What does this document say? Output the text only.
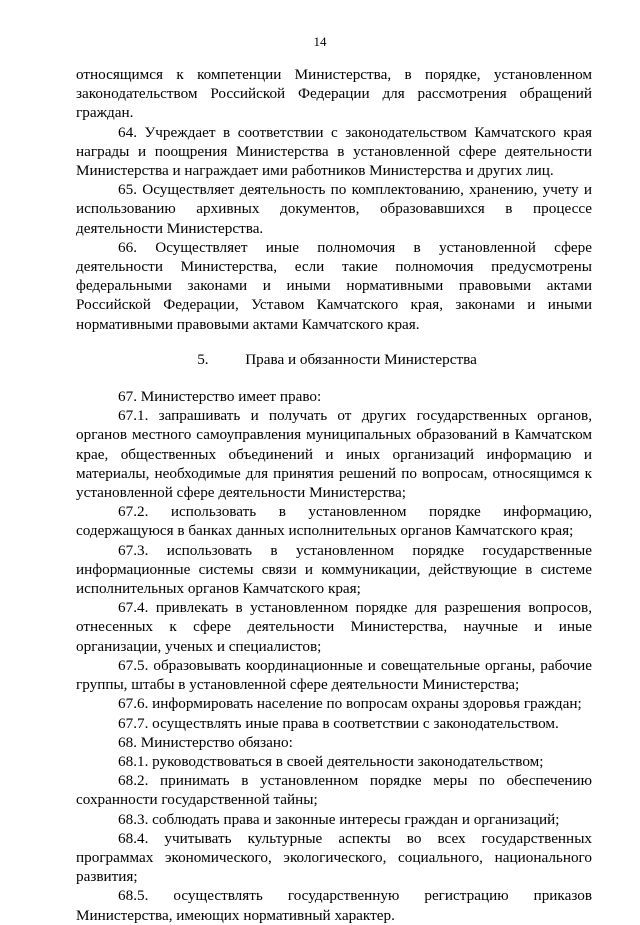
14

относящимся к компетенции Министерства, в порядке, установленном законодательством Российской Федерации для рассмотрения обращений граждан.

64. Учреждает в соответствии с законодательством Камчатского края награды и поощрения Министерства в установленной сфере деятельности Министерства и награждает ими работников Министерства и других лиц.

65. Осуществляет деятельность по комплектованию, хранению, учету и использованию архивных документов, образовавшихся в процессе деятельности Министерства.

66. Осуществляет иные полномочия в установленной сфере деятельности Министерства, если такие полномочия предусмотрены федеральными законами и иными нормативными правовыми актами Российской Федерации, Уставом Камчатского края, законами и иными нормативными правовыми актами Камчатского края.

5. Права и обязанности Министерства

67. Министерство имеет право:

67.1. запрашивать и получать от других государственных органов, органов местного самоуправления муниципальных образований в Камчатском крае, общественных объединений и иных организаций информацию и материалы, необходимые для принятия решений по вопросам, относящимся к установленной сфере деятельности Министерства;

67.2. использовать в установленном порядке информацию, содержащуюся в банках данных исполнительных органов Камчатского края;

67.3. использовать в установленном порядке государственные информационные системы связи и коммуникации, действующие в системе исполнительных органов Камчатского края;

67.4. привлекать в установленном порядке для разрешения вопросов, отнесенных к сфере деятельности Министерства, научные и иные организации, ученых и специалистов;

67.5. образовывать координационные и совещательные органы, рабочие группы, штабы в установленной сфере деятельности Министерства;

67.6. информировать население по вопросам охраны здоровья граждан;

67.7. осуществлять иные права в соответствии с законодательством.

68. Министерство обязано:

68.1. руководствоваться в своей деятельности законодательством;

68.2. принимать в установленном порядке меры по обеспечению сохранности государственной тайны;

68.3. соблюдать права и законные интересы граждан и организаций;

68.4. учитывать культурные аспекты во всех государственных программах экономического, экологического, социального, национального развития;

68.5. осуществлять государственную регистрацию приказов Министерства, имеющих нормативный характер.
